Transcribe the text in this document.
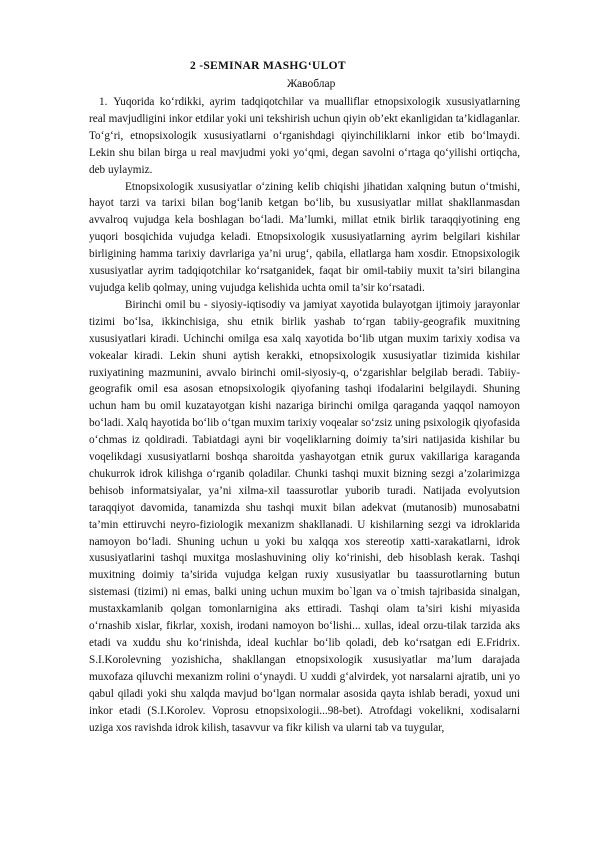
2 -SEMINAR MASHG‘ULOT
Жавоблар

1. Yuqorida ko‘rdikki, ayrim tadqiqotchilar va mualliflar etnopsixologik xususiyatlarning real mavjudligini inkor etdilar yoki uni tekshirish uchun qiyin ob’ekt ekanligidan ta’kidlaganlar. To‘g‘ri, etnopsixologik xususiyatlarni o‘rganishdagi qiyinchiliklarni inkor etib bo‘lmaydi. Lekin shu bilan birga u real mavjudmi yoki yo‘qmi, degan savolni o‘rtaga qo‘yilishi ortiqcha, deb uylaymiz.

Etnopsixologik xususiyatlar o‘zining kelib chiqishi jihatidan xalqning butun o‘tmishi, hayot tarzi va tarixi bilan bog‘lanib ketgan bo‘lib, bu xususiyatlar millat shakllanmasdan avvalroq vujudga kela boshlagan bo‘ladi. Ma’lumki, millat etnik birlik taraqqiyotining eng yuqori bosqichida vujudga keladi. Etnopsixologik xususiyatlarning ayrim belgilari kishilar birligining hamma tarixiy davrlariga ya’ni urug‘, qabila, ellatlarga ham xosdir. Etnopsixologik xususiyatlar ayrim tadqiqotchilar ko‘rsatganidek, faqat bir omil-tabiiy muxit ta’siri bilangina vujudga kelib qolmay, uning vujudga kelishida uchta omil ta’sir ko‘rsatadi.

Birinchi omil bu - siyosiy-iqtisodiy va jamiyat xayotida bulayotgan ijtimoiy jarayonlar tizimi bo‘lsa, ikkinchisiga, shu etnik birlik yashab to‘rgan tabiiy-geografik muxitning xususiyatlari kiradi. Uchinchi omilga esa xalq xayotida bo‘lib utgan muxim tarixiy xodisa va vokealar kiradi. Lekin shuni aytish kerakki, etnopsixologik xususiyatlar tizimida kishilar ruxiyatining mazmunini, avvalo birinchi omil-siyosiy-q, o‘zgarishlar belgilab beradi. Tabiiy-geografik omil esa asosan etnopsixologik qiyofaning tashqi ifodalarini belgilaydi. Shuning uchun ham bu omil kuzatayotgan kishi nazariga birinchi omilga qaraganda yaqqol namoyon bo‘ladi. Xalq hayotida bo‘lib o‘tgan muxim tarixiy voqealar so‘zsiz uning psixologik qiyofasida o‘chmas iz qoldiradi. Tabiatdagi ayni bir voqeliklarning doimiy ta’siri natijasida kishilar bu voqelikdagi xususiyatlarni boshqa sharoitda yashayotgan etnik gurux vakillariga karaganda chukurrok idrok kilishga o‘rganib qoladilar. Chunki tashqi muxit bizning sezgi a’zolarimizga behisob informatsiyalar, ya’ni xilma-xil taassurotlar yuborib turadi. Natijada evolyutsion taraqqiyot davomida, tanamizda shu tashqi muxit bilan adekvat (mutanosib) munosabatni ta’min ettiruvchi neyro-fiziologik mexanizm shakllanadi. U kishilarning sezgi va idroklarida namoyon bo‘ladi. Shuning uchun u yoki bu xalqqa xos stereotip xatti-xarakatlarni, idrok xususiyatlarini tashqi muxitga moslashuvining oliy ko‘rinishi, deb hisoblash kerak. Tashqi muxitning doimiy ta’sirida vujudga kelgan ruxiy xususiyatlar bu taassurotlarning butun sistemasi (tizimi) ni emas, balki uning uchun muxim bo`lgan va o`tmish tajribasida sinalgan, mustaxkamlanib qolgan tomonlarnigina aks ettiradi. Tashqi olam ta’siri kishi miyasida o‘rnashib xislar, fikrlar, xoxish, irodani namoyon bo‘lishi... xullas, ideal orzu-tilak tarzida aks etadi va xuddu shu ko‘rinishda, ideal kuchlar bo‘lib qoladi, deb ko‘rsatgan edi E.Fridrix. S.I.Korolevning yozishicha, shakllangan etnopsixologik xususiyatlar ma’lum darajada muxofaza qiluvchi mexanizm rolini o‘ynaydi. U xuddi g‘alvirdek, yot narsalarni ajratib, uni yo qabul qiladi yoki shu xalqda mavjud bo‘lgan normalar asosida qayta ishlab beradi, yoxud uni inkor etadi (S.I.Korolev. Voprosu etnopsixologii...98-bet). Atrofdagi vokelikni, xodisalarni uziga xos ravishda idrok kilish, tasavvur va fikr kilish va ularni tab va tuygular,
